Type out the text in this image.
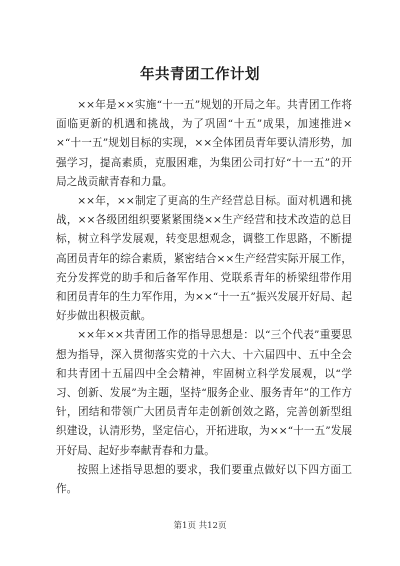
年共青团工作计划

××年是××实施“十一五”规划的开局之年。共青团工作将面临更新的机遇和挑战，为了巩固“十五”成果，加速推进××“十一五”规划目标的实现，××全体团员青年要认清形势，加强学习，提高素质，克服困难，为集团公司打好“十一五”的开局之战贡献青春和力量。

××年，××制定了更高的生产经营总目标。面对机遇和挑战，××各级团组织要紧紧围绕××生产经营和技术改造的总目标，树立科学发展观，转变思想观念，调整工作思路，不断提高团员青年的综合素质，紧密结合××生产经营实际开展工作，充分发挥党的助手和后备军作用、党联系青年的桥梁纽带作用和团员青年的生力军作用，为××“十一五”振兴发展开好局、起好步做出积极贡献。

××年××共青团工作的指导思想是：以“三个代表”重要思想为指导，深入贯彻落实党的十六大、十六届四中、五中全会和共青团十五届四中全会精神，牢固树立科学发展观，以“学习、创新、发展”为主题，坚持“服务企业、服务青年”的工作方针，团结和带领广大团员青年走创新创效之路，完善创新型组织建设，认清形势，坚定信心，开拓进取，为××“十一五”发展开好局、起好步奉献青春和力量。

按照上述指导思想的要求，我们要重点做好以下四方面工作。

第1页 共12页
